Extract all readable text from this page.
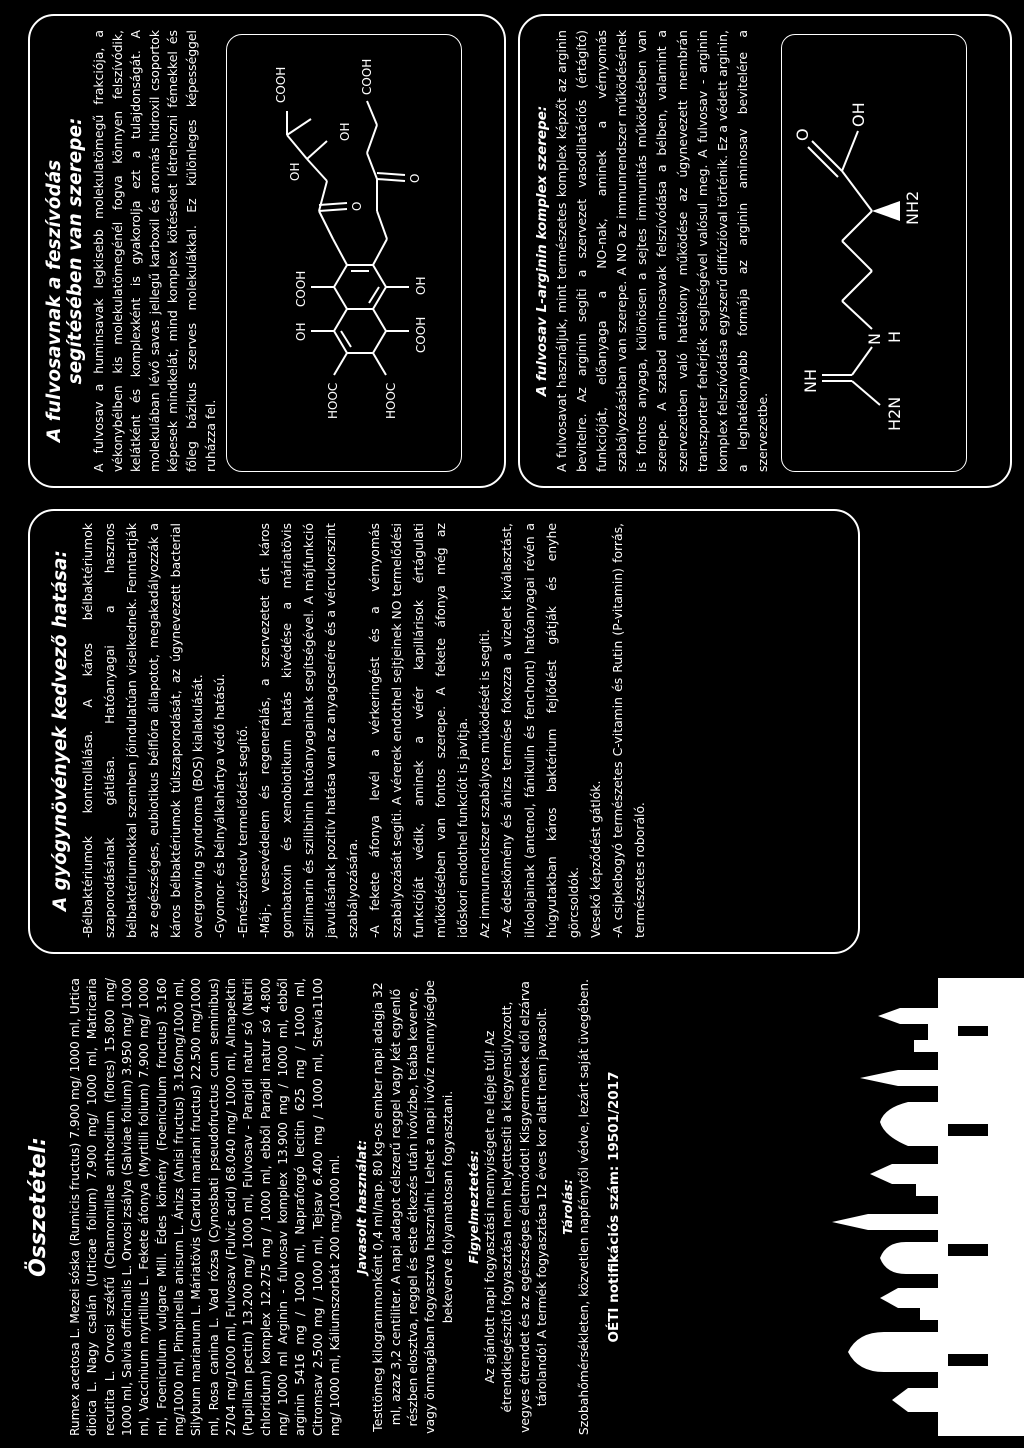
Összetétel: Rumex acetosa L. Mezei sóska (Rumicis fructus) 7.900 mg/ 1000 ml, Urtica dioica L. Nagy csalán (Urticae folium) 7.900 mg/ 1000 ml, Matricaria recutita L. Orvosi székfű (Chamomillae anthodium (flores) 15.800 mg/ 1000 ml, Salvia officinalis L. Orvosi zsálya (Salviae folium) 3.950 mg/ 1000 ml, Vaccinium myrtillus L. Fekete áfonya (Myrtilli folium) 7.900 mg/ 1000 ml, Foeniculum vulgare Mill. Édes kömény (Foeniculum fructus) 3.160 mg/1000 ml, Pimpinella anisum L. Ánizs (Anisi fructus) 3.160mg/1000 ml, Silybum marianum L. Máriatövis (Cardui mariani fructus) 22.500 mg/1000 ml, Rosa canina L. Vad rózsa (Cynosbati pseudofructus cum seminibus) 2704 mg/1000 ml, Fulvosav (Fulvic acid) 68.040 mg/ 1000 ml, Almapektin (Pupillam pectin) 13.200 mg/ 1000 ml, Fulvosav - Parajdi natur só (Natrii chloridum) komplex 12.275 mg / 1000 ml, ebből Parajdi natur só 4.800 mg/ 1000 ml Arginin - fulvosav komplex 13.900 mg / 1000 ml, ebből arginin 5416 mg / 1000 ml, Napraforgó lecitin 625 mg / 1000 ml, Citromsav 2.500 mg / 1000 ml, Tejsav 6.400 mg / 1000 ml, Stevia1100 mg/ 1000 ml, Káliumszorbát 200 mg/1000 ml. Javasolt használat: Testtömeg kilogrammonként 0,4 ml/nap. 80 kg-os ember napi adagja 32 ml, azaz 3,2 centiliter. A napi adagot célszerű reggel vagy két egyenlő részben elosztva, reggel és este étkezés után ivóvízbe, teába keverve, vagy önmagában fogyasztva használni. Lehet a napi ivóvíz mennyiségbe bekeverve folyamatosan fogyasztani. Figyelmeztetés: Az ajánlott napi fogyasztási mennyiséget ne lépje túl! Az étrendkiegészítő fogyasztása nem helyettesíti a kiegyensúlyozott, vegyes étrendet és az egészséges életmódot! Kisgyermekek elől elzárva tárolandó! A termék fogyasztása 12 éves kor alatt nem javasolt. Tárolás: Szobahőmérsékleten, közvetlen napfénytől védve, lezárt saját üvegében. OÉTI notifikációs szám: 19501/2017

A gyógynövények kedvező hatása: -Bélbaktériumok kontrollálása. A káros bélbaktériumok szaporodásának gátlása. Hatóanyagai a hasznos bélbaktériumokkal szemben jóindulatúan viselkednek. Fenntartják az egészséges, eubiotikus bélflóra állapotot, megakadályozzák a káros bélbaktériumok túlszaporodását, az úgynevezett bacterial overgrowing syndroma (BOS) kialakulását. -Gyomor- és bélnyálkahártya védő hatású. -Emésztőnedv termelődést segítő. -Máj-, vesevédelem és regenerálás, a szervezetet ért káros gombatoxin és xenobiotikum hatás kivédése a máriatövis szilimarin és szilibinin hatóanyagainak segítségével. A májfunkció javulásának pozitív hatása van az anyagcserére és a vércukorszint szabályozására. -A fekete áfonya levél a vérkeringést és a vérnyomás szabályozását segíti. A vérerek endothel sejtjeinek NO termelődési funkcióját védik, aminek a vérér kapillárisok értágulati működésében van fontos szerepe. A fekete áfonya még az időskori endothel funkcíót is javítja. Az immunrendszer szabályos működését is segíti. -Az édeskömény és ánizs termése fokozza a vizelet kiválasztást, illóolajainak (antenol, fánikulin és fenchont) hatóanyagai révén a húgyutakban káros baktérium fejlődést gátják és enyhe görcsoldók. Vesekő képződést gátlók. -A csipkebogyó természetes C-vitamin és Rutin (P-vitamin) forrás, természetes roboráló.

A fulvosavnak a feszívódás segítésében van szerepe: A fulvosav a huminsavak legkisebb molekulatömegű frakciója, a vékonybélben kis molekulatömegénél fogva könnyen felszívódik, kelátként és komplexként is gyakorolja ezt a tulajdonságát. A molekulában lévő savas jellegű karboxil és aromás hidroxil csoportok képesek mindkelát, mind komplex kötéseket létrehozni fémekkel és főleg bázikus szerves molekulákkal. Ez különleges képességgel ruházza fel.

COOH	COOH
OH
OH
HOOC	HOOC
COOH
OH
OH
COOH
O
O	A fulvosav L-arginin komplex szerepe: A fulvosavat használjuk, mint természetes komplex képzőt az arginin bevitelre. Az arginin segíti a szervezet vasodilatációs (értágító) funkcióját, előanyaga a NO-nak, aminek a vérnyomás szabályozásában van szerepe. A NO az immunrendszer működésének is fontos anyaga, különösen a sejtes immunitás működésében van szerepe. A szabad aminosavak felszívódása a bélben, valamint a szervezetben való hatékony működése az úgynevezett membrán transzporter fehérjék segítségével valósul meg. A fulvosav - arginin komplex felszívódása egyszerű diffúzióval történik. Ez a védett arginin, a leghatékonyabb formája az arginin aminosav bevitelére a szervezetbe.

NH
H2N
N H
O
OH
NH2
